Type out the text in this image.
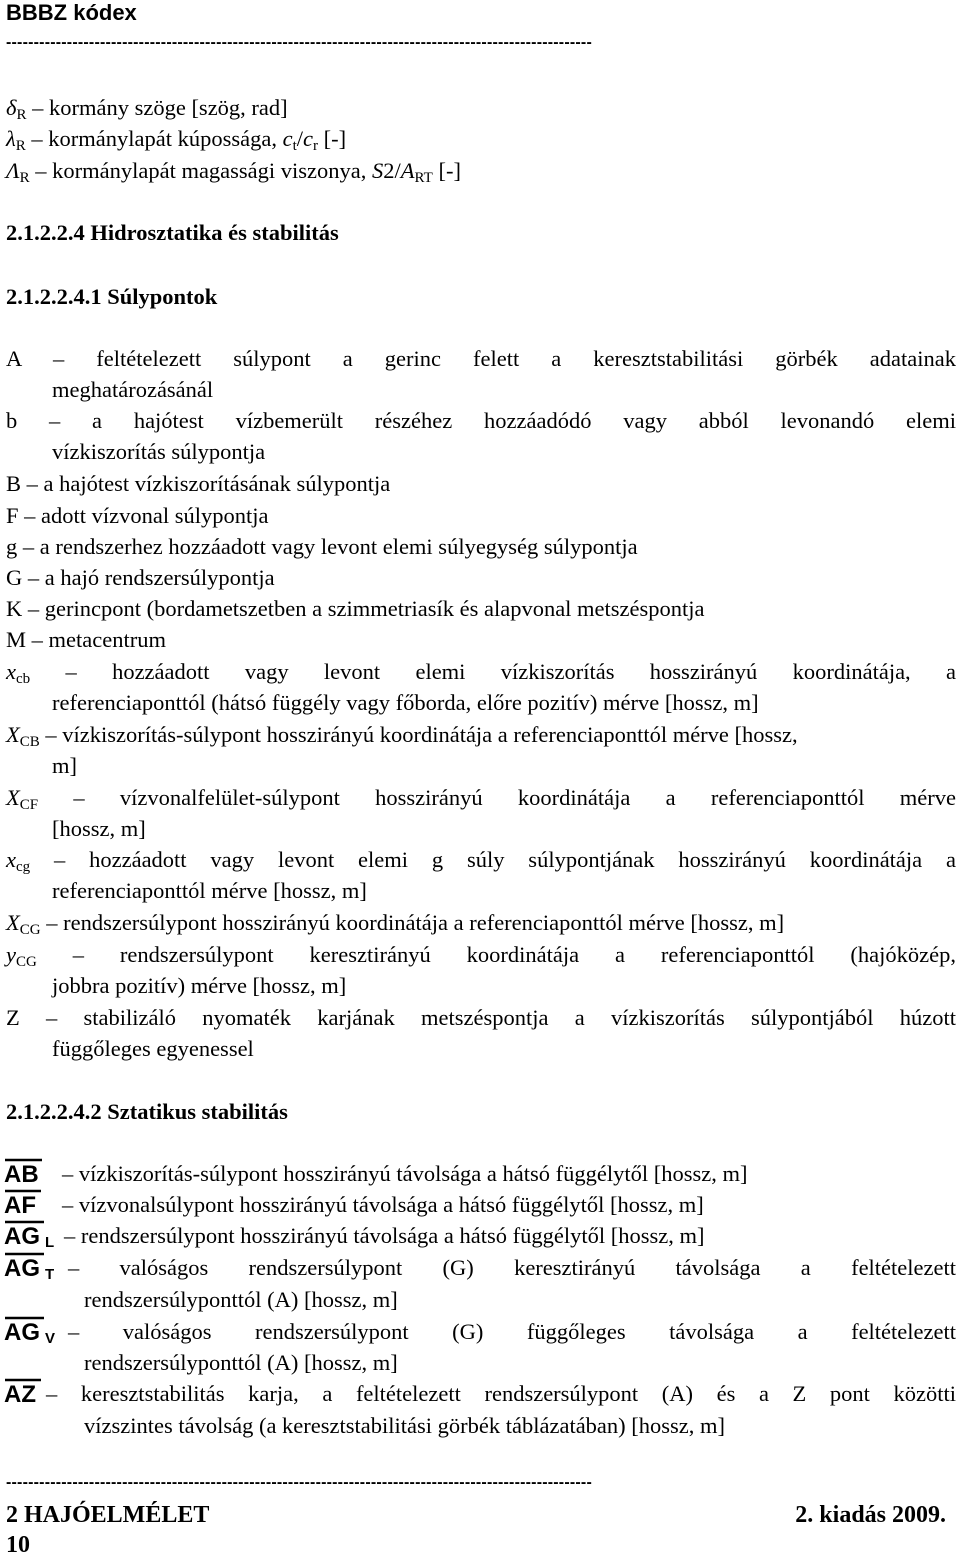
BBBZ kódex
----------------------------------------------------------------------------------------------------------
$\delta_R$ – kormány szöge [szög, rad]
$\lambda_R$ – kormánylapát kúpossága, $c_t/c_r$ [-]
$\Lambda_R$ – kormánylapát magassági viszonya, $S2/A_{RT}$ [-]
2.1.2.2.4 Hidrosztatika és stabilitás
2.1.2.2.4.1 Súlypontok
A – feltételezett súlypont a gerinc felett a keresztstabilitási görbék adatainak
meghatározásánál
b – a hajótest vízbemerült részéhez hozzáadódó vagy abból levonandó elemi
vízkiszorítás súlypontja
B – a hajótest vízkiszorításának súlypontja
F – adott vízvonal súlypontja
g – a rendszerhez hozzáadott vagy levont elemi súlyegység súlypontja
G – a hajó rendszersúlypontja
K – gerincpont (bordametszetben a szimmetriasík és alapvonal metszéspontja
M – metacentrum
$x_{cb}$ – hozzáadott vagy levont elemi vízkiszorítás hosszirányú koordinátája, a
referenciaponttól (hátsó függély vagy főborda, előre pozitív) mérve [hossz, m]
$X_{CB}$ – vízkiszorítás-súlypont hosszirányú koordinátája a referenciaponttól mérve [hossz,
m]
$X_{CF}$ – vízvonalfelület-súlypont hosszirányú koordinátája a referenciaponttól mérve
[hossz, m]
$x_{cg}$ – hozzáadott vagy levont elemi g súly súlypontjának hosszirányú koordinátája a
referenciaponttól mérve [hossz, m]
$X_{CG}$ – rendszersúlypont hosszirányú koordinátája a referenciaponttól mérve [hossz, m]
$y_{CG}$ – rendszersúlypont keresztirányú koordinátája a referenciaponttól (hajóközép,
jobbra pozitív) mérve [hossz, m]
Z – stabilizáló nyomaték karjának metszéspontja a vízkiszorítás súlypontjából húzott
függőleges egyenessel
2.1.2.2.4.2 Sztatikus stabilitás
AB – vízkiszorítás-súlypont hosszirányú távolsága a hátsó függélytől [hossz, m]
AF – vízvonalsúlypont hosszirányú távolsága a hátsó függélytől [hossz, m]
AG L – rendszersúlypont hosszirányú távolsága a hátsó függélytől [hossz, m]
AG T – valóságos rendszersúlypont (G) keresztirányú távolsága a feltételezett
rendszersúlyponttól (A) [hossz, m]
AG V – valóságos rendszersúlypont (G) függőleges távolsága a feltételezett
rendszersúlyponttól (A) [hossz, m]
AZ – keresztstabilitás karja, a feltételezett rendszersúlypont (A) és a Z pont közötti
vízszintes távolság (a keresztstabilitási görbék táblázatában) [hossz, m]
----------------------------------------------------------------------------------------------------------
2 HAJÓELMÉLET	2. kiadás 2009.
10
